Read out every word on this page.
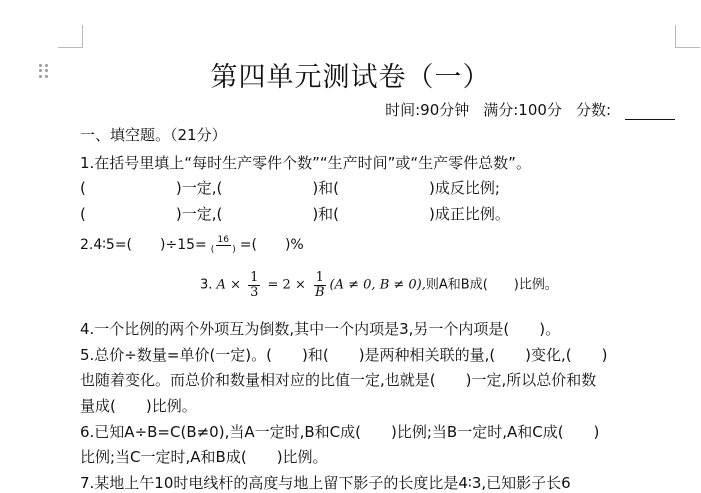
第四单元测试卷（一）
时间:90分钟 满分:100分 分数:
一、填空题。（21分）
1.在括号里填上“每时生产零件个数”“生产时间”或“生产零件总数”。
(　　　　　　)一定,(　　　　　　)和(　　　　　　)成反比例;
(　　　　　　)一定,(　　　　　　)和(　　　　　　)成正比例。
2.4∶5=(　　)$\div 15= \frac{16}{( )}$ =(　　)%
3. $A \times \frac{1}{3} = 2 \times \frac{1}{B} (A \ne 0$, B ≠ 0),则A和B成(　　)比例。
4.一个比例的两个外项互为倒数,其中一个内项是3,另一个内项是(　　)。
5.总价÷数量=单价(一定)。(　　)和(　　)是两种相关联的量,(　　)变化,(　　)
也随着变化。而总价和数量相对应的比值一定,也就是(　　)一定,所以总价和数
量成(　　)比例。
6.已知A÷B=C(B≠0),当A一定时,B和C成(　　)比例;当B一定时,A和C成(　　)
比例;当C一定时,A和B成(　　)比例。
7.某地上午10时电线杆的高度与地上留下影子的长度比是4∶3,已知影子长6
